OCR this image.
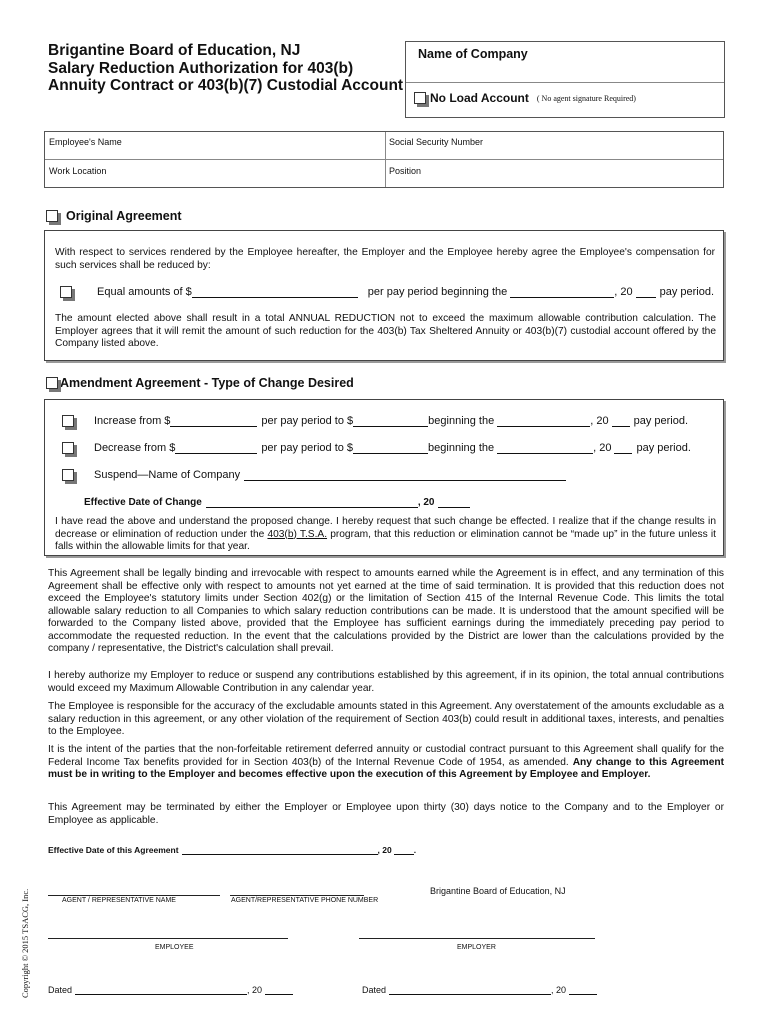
Brigantine Board of Education, NJ
Salary Reduction Authorization for 403(b)
Annuity Contract or 403(b)(7) Custodial Account
Name of Company
No Load Account ( No agent signature Required)
Employee's Name	Social Security Number
Work Location	Position
Original Agreement
With respect to services rendered by the Employee hereafter, the Employer and the Employee hereby agree the Employee's compensation for such services shall be reduced by:
Equal amounts of $	per pay period beginning the	, 20 pay period.
The amount elected above shall result in a total ANNUAL REDUCTION not to exceed the maximum allowable contribution calculation. The Employer agrees that it will remit the amount of such reduction for the 403(b) Tax Sheltered Annuity or 403(b)(7) custodial account offered by the Company listed above.
Amendment Agreement - Type of Change Desired
Increase from $	per pay period to $	beginning the	, 20 pay period.
Decrease from $	per pay period to $	beginning the	, 20 pay period.
Suspend—Name of Company
Effective Date of Change	, 20
I have read the above and understand the proposed change. I hereby request that such change be effected. I realize that if the change results in decrease or elimination of reduction under the 403(b) T.S.A. program, that this reduction or elimination cannot be “made up” in the future unless it falls within the allowable limits for that year.
This Agreement shall be legally binding and irrevocable with respect to amounts earned while the Agreement is in effect, and any termination of this Agreement shall be effective only with respect to amounts not yet earned at the time of said termination. It is provided that this reduction does not exceed the Employee's statutory limits under Section 402(g) or the limitation of Section 415 of the Internal Revenue Code. This limits the total allowable salary reduction to all Companies to which salary reduction contributions can be made. It is understood that the amount specified will be forwarded to the Company listed above, provided that the Employee has sufficient earnings during the immediately preceding pay period to accommodate the requested reduction. In the event that the calculations provided by the District are lower than the calculations provided by the company / representative, the District's calculation shall prevail.
I hereby authorize my Employer to reduce or suspend any contributions established by this agreement, if in its opinion, the total annual contributions would exceed my Maximum Allowable Contribution in any calendar year.
The Employee is responsible for the accuracy of the excludable amounts stated in this Agreement. Any overstatement of the amounts excludable as a salary reduction in this agreement, or any other violation of the requirement of Section 403(b) could result in additional taxes, interests, and penalties to the Employee.
It is the intent of the parties that the non-forfeitable retirement deferred annuity or custodial contract pursuant to this Agreement shall qualify for the Federal Income Tax benefits provided for in Section 403(b) of the Internal Revenue Code of 1954, as amended. Any change to this Agreement must be in writing to the Employer and becomes effective upon the execution of this Agreement by Employee and Employer.
This Agreement may be terminated by either the Employer or Employee upon thirty (30) days notice to the Company and to the Employer or Employee as applicable.
Effective Date of this Agreement	, 20	.
Brigantine Board of Education, NJ
AGENT / REPRESENTATIVE NAME	AGENT/REPRESENTATIVE PHONE NUMBER
EMPLOYEE	EMPLOYER
Dated	, 20	Dated	, 20
Copyright © 2015 TSACG, Inc.
